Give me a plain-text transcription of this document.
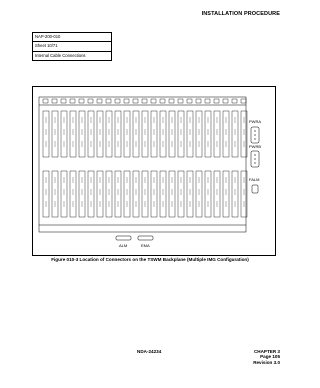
INSTALLATION PROCEDURE
NAP-200-010
Sheet 10/71
Internal Cable Connections
PWRA
PWRB
FALM
ALM	EMA
Figure 010-3 Location of Connectors on the TSWM Backplane (Multiple IMG Configuration)
NDA-24234	CHAPTER 3
Page 105
Revision 3.0
